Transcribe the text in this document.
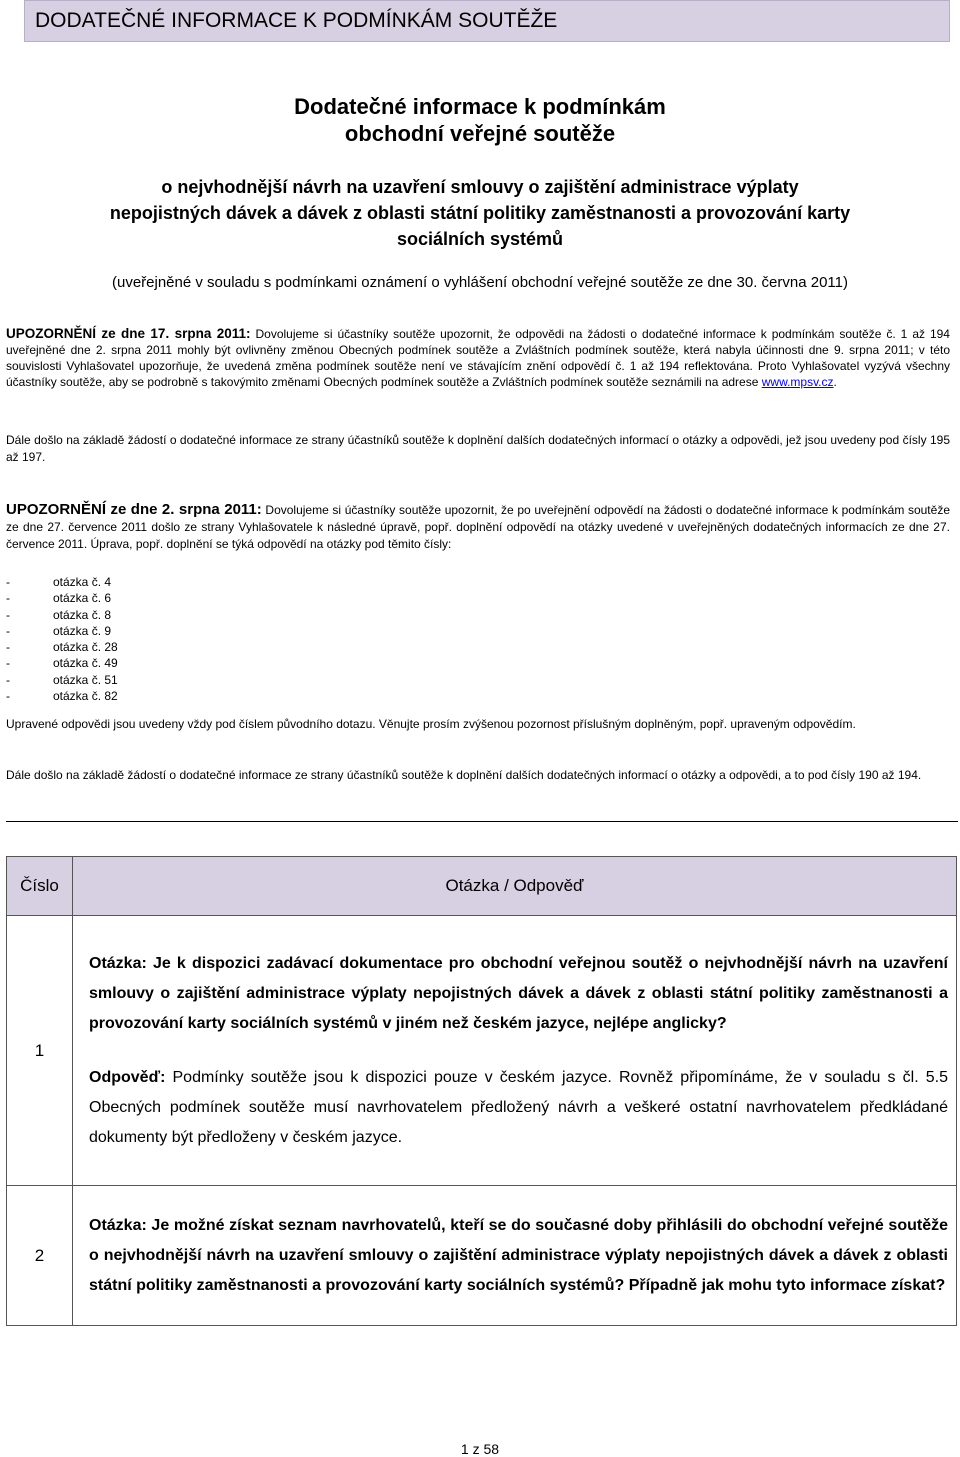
DODATEČNÉ INFORMACE K PODMÍNKÁM SOUTĚŽE
Dodatečné informace k podmínkám
obchodní veřejné soutěže
o nejvhodnější návrh na uzavření smlouvy o zajištění administrace výplaty
nepojistných dávek a dávek z oblasti státní politiky zaměstnanosti a provozování karty
sociálních systémů
(uveřejněné v souladu s podmínkami oznámení o vyhlášení obchodní veřejné soutěže ze dne 30. června 2011)
UPOZORNĚNÍ ze dne 17. srpna 2011: Dovolujeme si účastníky soutěže upozornit, že odpovědi na žádosti o dodatečné informace k podmínkám soutěže č. 1 až 194 uveřejněné dne 2. srpna 2011 mohly být ovlivněny změnou Obecných podmínek soutěže a Zvláštních podmínek soutěže, která nabyla účinnosti dne 9. srpna 2011; v této souvislosti Vyhlašovatel upozorňuje, že uvedená změna podmínek soutěže není ve stávajícím znění odpovědí č. 1 až 194 reflektována. Proto Vyhlašovatel vyzývá všechny účastníky soutěže, aby se podrobně s takovýmito změnami Obecných podmínek soutěže a Zvláštních podmínek soutěže seznámili na adrese www.mpsv.cz.
Dále došlo na základě žádostí o dodatečné informace ze strany účastníků soutěže k doplnění dalších dodatečných informací o otázky a odpovědi, jež jsou uvedeny pod čísly 195 až 197.
UPOZORNĚNÍ ze dne 2. srpna 2011: Dovolujeme si účastníky soutěže upozornit, že po uveřejnění odpovědí na žádosti o dodatečné informace k podmínkám soutěže ze dne 27. července 2011 došlo ze strany Vyhlašovatele k následné úpravě, popř. doplnění odpovědí na otázky uvedené v uveřejněných dodatečných informacích ze dne 27. července 2011. Úprava, popř. doplnění se týká odpovědí na otázky pod těmito čísly:
- otázka č. 4
- otázka č. 6
- otázka č. 8
- otázka č. 9
- otázka č. 28
- otázka č. 49
- otázka č. 51
- otázka č. 82
Upravené odpovědi jsou uvedeny vždy pod číslem původního dotazu. Věnujte prosím zvýšenou pozornost příslušným doplněným, popř. upraveným odpovědím.
Dále došlo na základě žádostí o dodatečné informace ze strany účastníků soutěže k doplnění dalších dodatečných informací o otázky a odpovědi, a to pod čísly 190 až 194.
Číslo	Otázka / Odpověď
1	Otázka: Je k dispozici zadávací dokumentace pro obchodní veřejnou soutěž o nejvhodnější návrh na uzavření smlouvy o zajištění administrace výplaty nepojistných dávek a dávek z oblasti státní politiky zaměstnanosti a provozování karty sociálních systémů v jiném než českém jazyce, nejlépe anglicky?

Odpověď: Podmínky soutěže jsou k dispozici pouze v českém jazyce. Rovněž připomínáme, že v souladu s čl. 5.5 Obecných podmínek soutěže musí navrhovatelem předložený návrh a veškeré ostatní navrhovatelem předkládané dokumenty být předloženy v českém jazyce.

2	Otázka: Je možné získat seznam navrhovatelů, kteří se do současné doby přihlásili do obchodní veřejné soutěže o nejvhodnější návrh na uzavření smlouvy o zajištění administrace výplaty nepojistných dávek a dávek z oblasti státní politiky zaměstnanosti a provozování karty sociálních systémů? Případně jak mohu tyto informace získat?

1 z 58
